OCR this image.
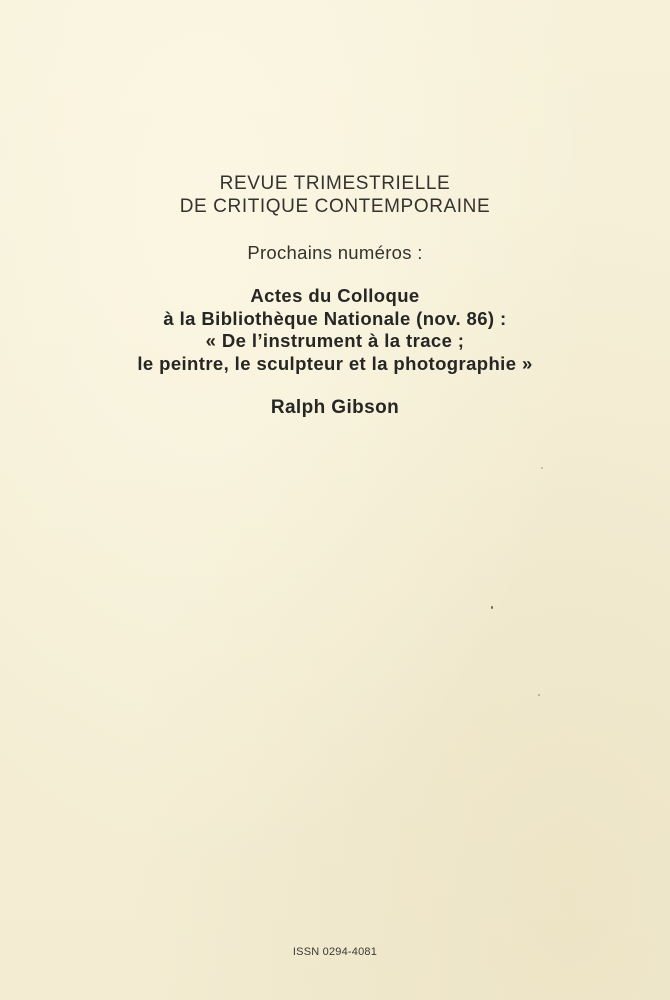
REVUE TRIMESTRIELLE
DE CRITIQUE CONTEMPORAINE
Prochains numéros :
Actes du Colloque
à la Bibliothèque Nationale (nov. 86) :
« De l’instrument à la trace ;
le peintre, le sculpteur et la photographie »
Ralph Gibson
ISSN 0294-4081
